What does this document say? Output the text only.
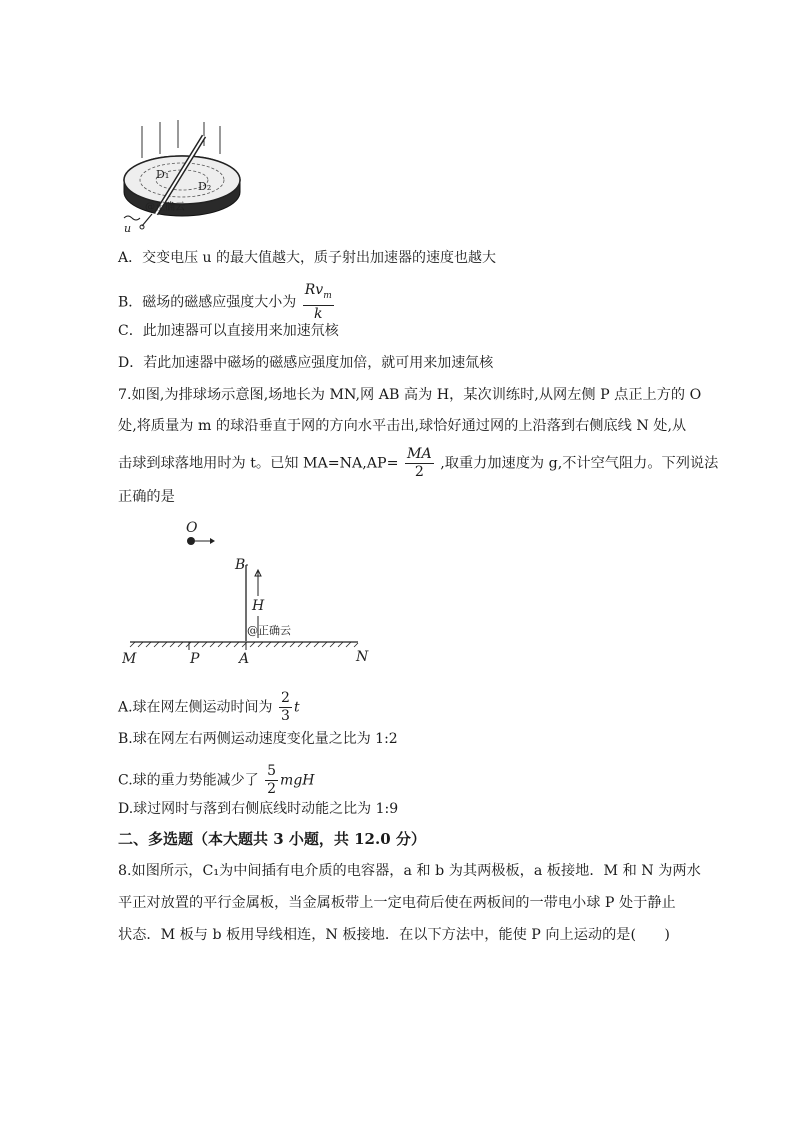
D₁
D₂
@正确云
u
A．交变电压 u 的最大值越大，质子射出加速器的速度也越大
B．磁场的磁感应强度大小为 $\frac{Rv_m}{k}$
C．此加速器可以直接用来加速氘核
D．若此加速器中磁场的磁感应强度加倍，就可用来加速氚核
7.如图,为排球场示意图,场地长为 MN,网 AB 高为 H，某次训练时,从网左侧 P 点正上方的 O
处,将质量为 m 的球沿垂直于网的方向水平击出,球恰好通过网的上沿落到右侧底线 N 处,从
击球到球落地用时为 t。已知 $MA=NA,AP= \frac{MA}{2}$ ,取重力加速度为 g,不计空气阻力。下列说法
正确的是
O
B
H
@正确云
M	P	A	N
A.球在网左侧运动时间为 $\frac{2}{3}$ t
B.球在网左右两侧运动速度变化量之比为 1:2
C.球的重力势能减少了 $\frac{5}{2}$ mgH
D.球过网时与落到右侧底线时动能之比为 1:9
二、多选题（本大题共 3 小题，共 12.0 分）
8.如图所示，C₁为中间插有电介质的电容器，a 和 b 为其两极板，a 板接地．M 和 N 为两水
平正对放置的平行金属板，当金属板带上一定电荷后使在两板间的一带电小球 P 处于静止
状态．M 板与 b 板用导线相连，N 板接地．在以下方法中，能使 P 向上运动的是(　　)
